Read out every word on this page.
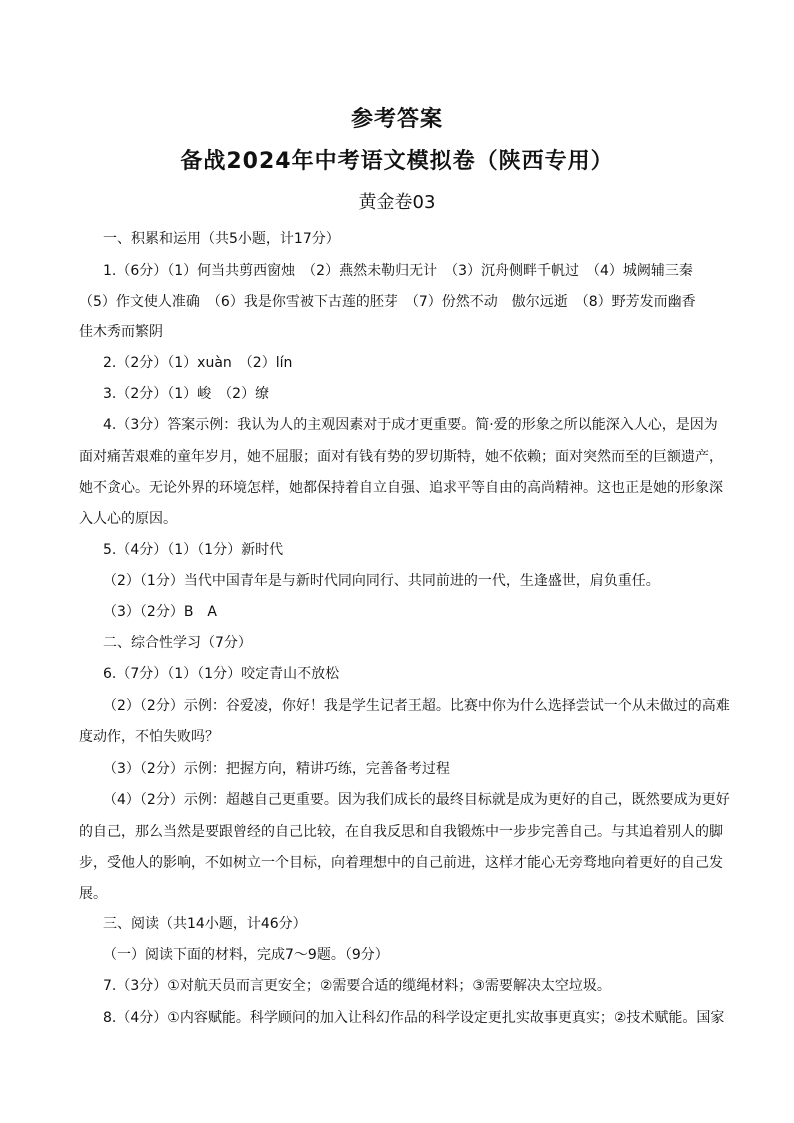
参考答案
备战2024年中考语文模拟卷（陕西专用）
黄金卷03
一、积累和运用（共5小题，计17分）
1.（6分）（1）何当共剪西窗烛　（2）燕然未勒归无计　（3）沉舟侧畔千帆过　（4）城阙辅三秦
（5）作文使人准确　（6）我是你雪被下古莲的胚芽　（7）份然不动　傲尔远逝　（8）野芳发而幽香
佳木秀而繁阴
2.（2分）（1）xuàn　（2）lín
3.（2分）（1）峻　（2）缭
4.（3分）答案示例：我认为人的主观因素对于成才更重要。简·爱的形象之所以能深入人心，是因为
面对痛苦艰难的童年岁月，她不屈服；面对有钱有势的罗切斯特，她不依赖；面对突然而至的巨额遗产，
她不贪心。无论外界的环境怎样，她都保持着自立自强、追求平等自由的高尚精神。这也正是她的形象深
入人心的原因。
5.（4分）（1）（1分）新时代
（2）（1分）当代中国青年是与新时代同向同行、共同前进的一代，生逢盛世，肩负重任。
（3）（2分）B　A
二、综合性学习（7分）
6.（7分）（1）（1分）咬定青山不放松
（2）（2分）示例：谷爱凌，你好！我是学生记者王超。比赛中你为什么选择尝试一个从未做过的高难
度动作，不怕失败吗？
（3）（2分）示例：把握方向，精讲巧练，完善备考过程
（4）（2分）示例：超越自己更重要。因为我们成长的最终目标就是成为更好的自己，既然要成为更好
的自己，那么当然是要跟曾经的自己比较，在自我反思和自我锻炼中一步步完善自己。与其追着别人的脚
步，受他人的影响，不如树立一个目标，向着理想中的自己前进，这样才能心无旁骛地向着更好的自己发
展。
三、阅读（共14小题，计46分）
（一）阅读下面的材料，完成7～9题。（9分）
7.（3分）①对航天员而言更安全；②需要合适的缆绳材料；③需要解决太空垃圾。
8.（4分）①内容赋能。科学顾问的加入让科幻作品的科学设定更扎实故事更真实；②技术赋能。国家
